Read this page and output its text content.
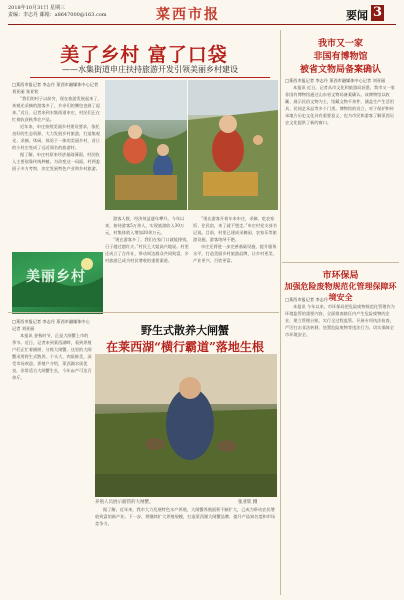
2018年10月31日 星期三
责编：李志丹 邮箱：a8647000@163.com	菜西市报	要闻 3
美了乡村 富了口袋
——水集街道申庄扶持旅游开发引领美丽乡村建设

□莱西市报记者 李志丹 莱西市融媒体中心记者 刘亚丽 张亚钦

“我们的村子以前穷，现在旅游发展起来了，来观光采摘的游客多了，乡亲们的腰包也鼓了起来。”近日，记者来到水集街道申庄，村民们正在忙着收获秋季农产品。

近年来，申庄按照美丽乡村建设要求，依托良好的生态资源，大力发展乡村旅游，打造集观光、采摘、休闲、体验于一体的美丽乡村，昔日的小村庄变成了远近闻名的旅游村。

据了解，申庄村原来经济基础薄弱，村民收入主要依靠传统种植。为改变这一局面，村两委班子多方考察，决定发展特色产业和乡村旅游。

游客人数、经济效益逐年攀升。今年以来，接待游客5万余人，实现旅游收入30万元，村集体收入增加20余万元。

“现在游客多了，我们在家门口就能挣钱，日子越过越红火。”村民王大姐高兴地说。村里还成立了合作社，带动周边群众共同致富，乡村旅游已成为村民增收的重要渠道。

“现在游客开着车来申庄，采摘、吃农家饭、住民宿，来了就不想走。”申庄村党支部书记说。目前，村里已建成采摘园、农家乐等旅游设施，游客络绎不绝。

申庄还将进一步完善基础设施，提升服务水平，打造美丽乡村旅游品牌，让乡村更美、产业更兴、百姓更富。

美丽乡村
我市又一家
非国有博物馆
被省文物局备案确认

□莱西市报记者 李志丹 莱西市融媒体中心记者 刘亚丽

本报讯 近日，记者从市文化和旅游局获悉，我市又一家非国有博物馆通过山东省文物局备案确认。该博物馆以收藏、展示民俗文物为主，馆藏文物千余件，涵盖生产生活用具、民间艺术品等多个门类。博物馆的设立，对于保护和传承地方历史文化具有重要意义，也为市民和游客了解莱西历史文化提供了新的窗口。

市环保局
加强危险废物规范化管理保障环境安全

□莱西市报记者 李志丹

本报讯 今年以来，市环保局把危险废物规范化管理作为环境监管的重要内容，全面排查辖区内产生危险废物的企业，建立管理台账，实行全过程监管。开展专项执法检查，严厉打击非法转移、处置危险废物等违法行为，切实保障全市环境安全。

□莱西市报记者 李志丹 莱西市融媒体中心记者 刘亚丽

本报讯 金秋时节，正是大闸蟹上市的季节。近日，记者来到莱西湖畔，看到养殖户们正忙着捕捞、分拣大闸蟹。这里的大闸蟹采用野生式散养，个头大、肉质鲜美，深受市场欢迎。养殖户介绍，莱西湖水质优良，非常适合大闸蟹生长，今年亩产可达百余斤。

野生式散养大闸蟹
在莱西湖“横行霸道”落地生根
养殖人员展示捕捞的大闸蟹。	张亚钦 摄

据了解，近年来，我市大力发展特色水产养殖，大闸蟹养殖面积不断扩大，已成为带动农民增收致富的新产业。下一步，将继续扩大养殖规模，打造莱西湖大闸蟹品牌，提升产品知名度和市场竞争力。
